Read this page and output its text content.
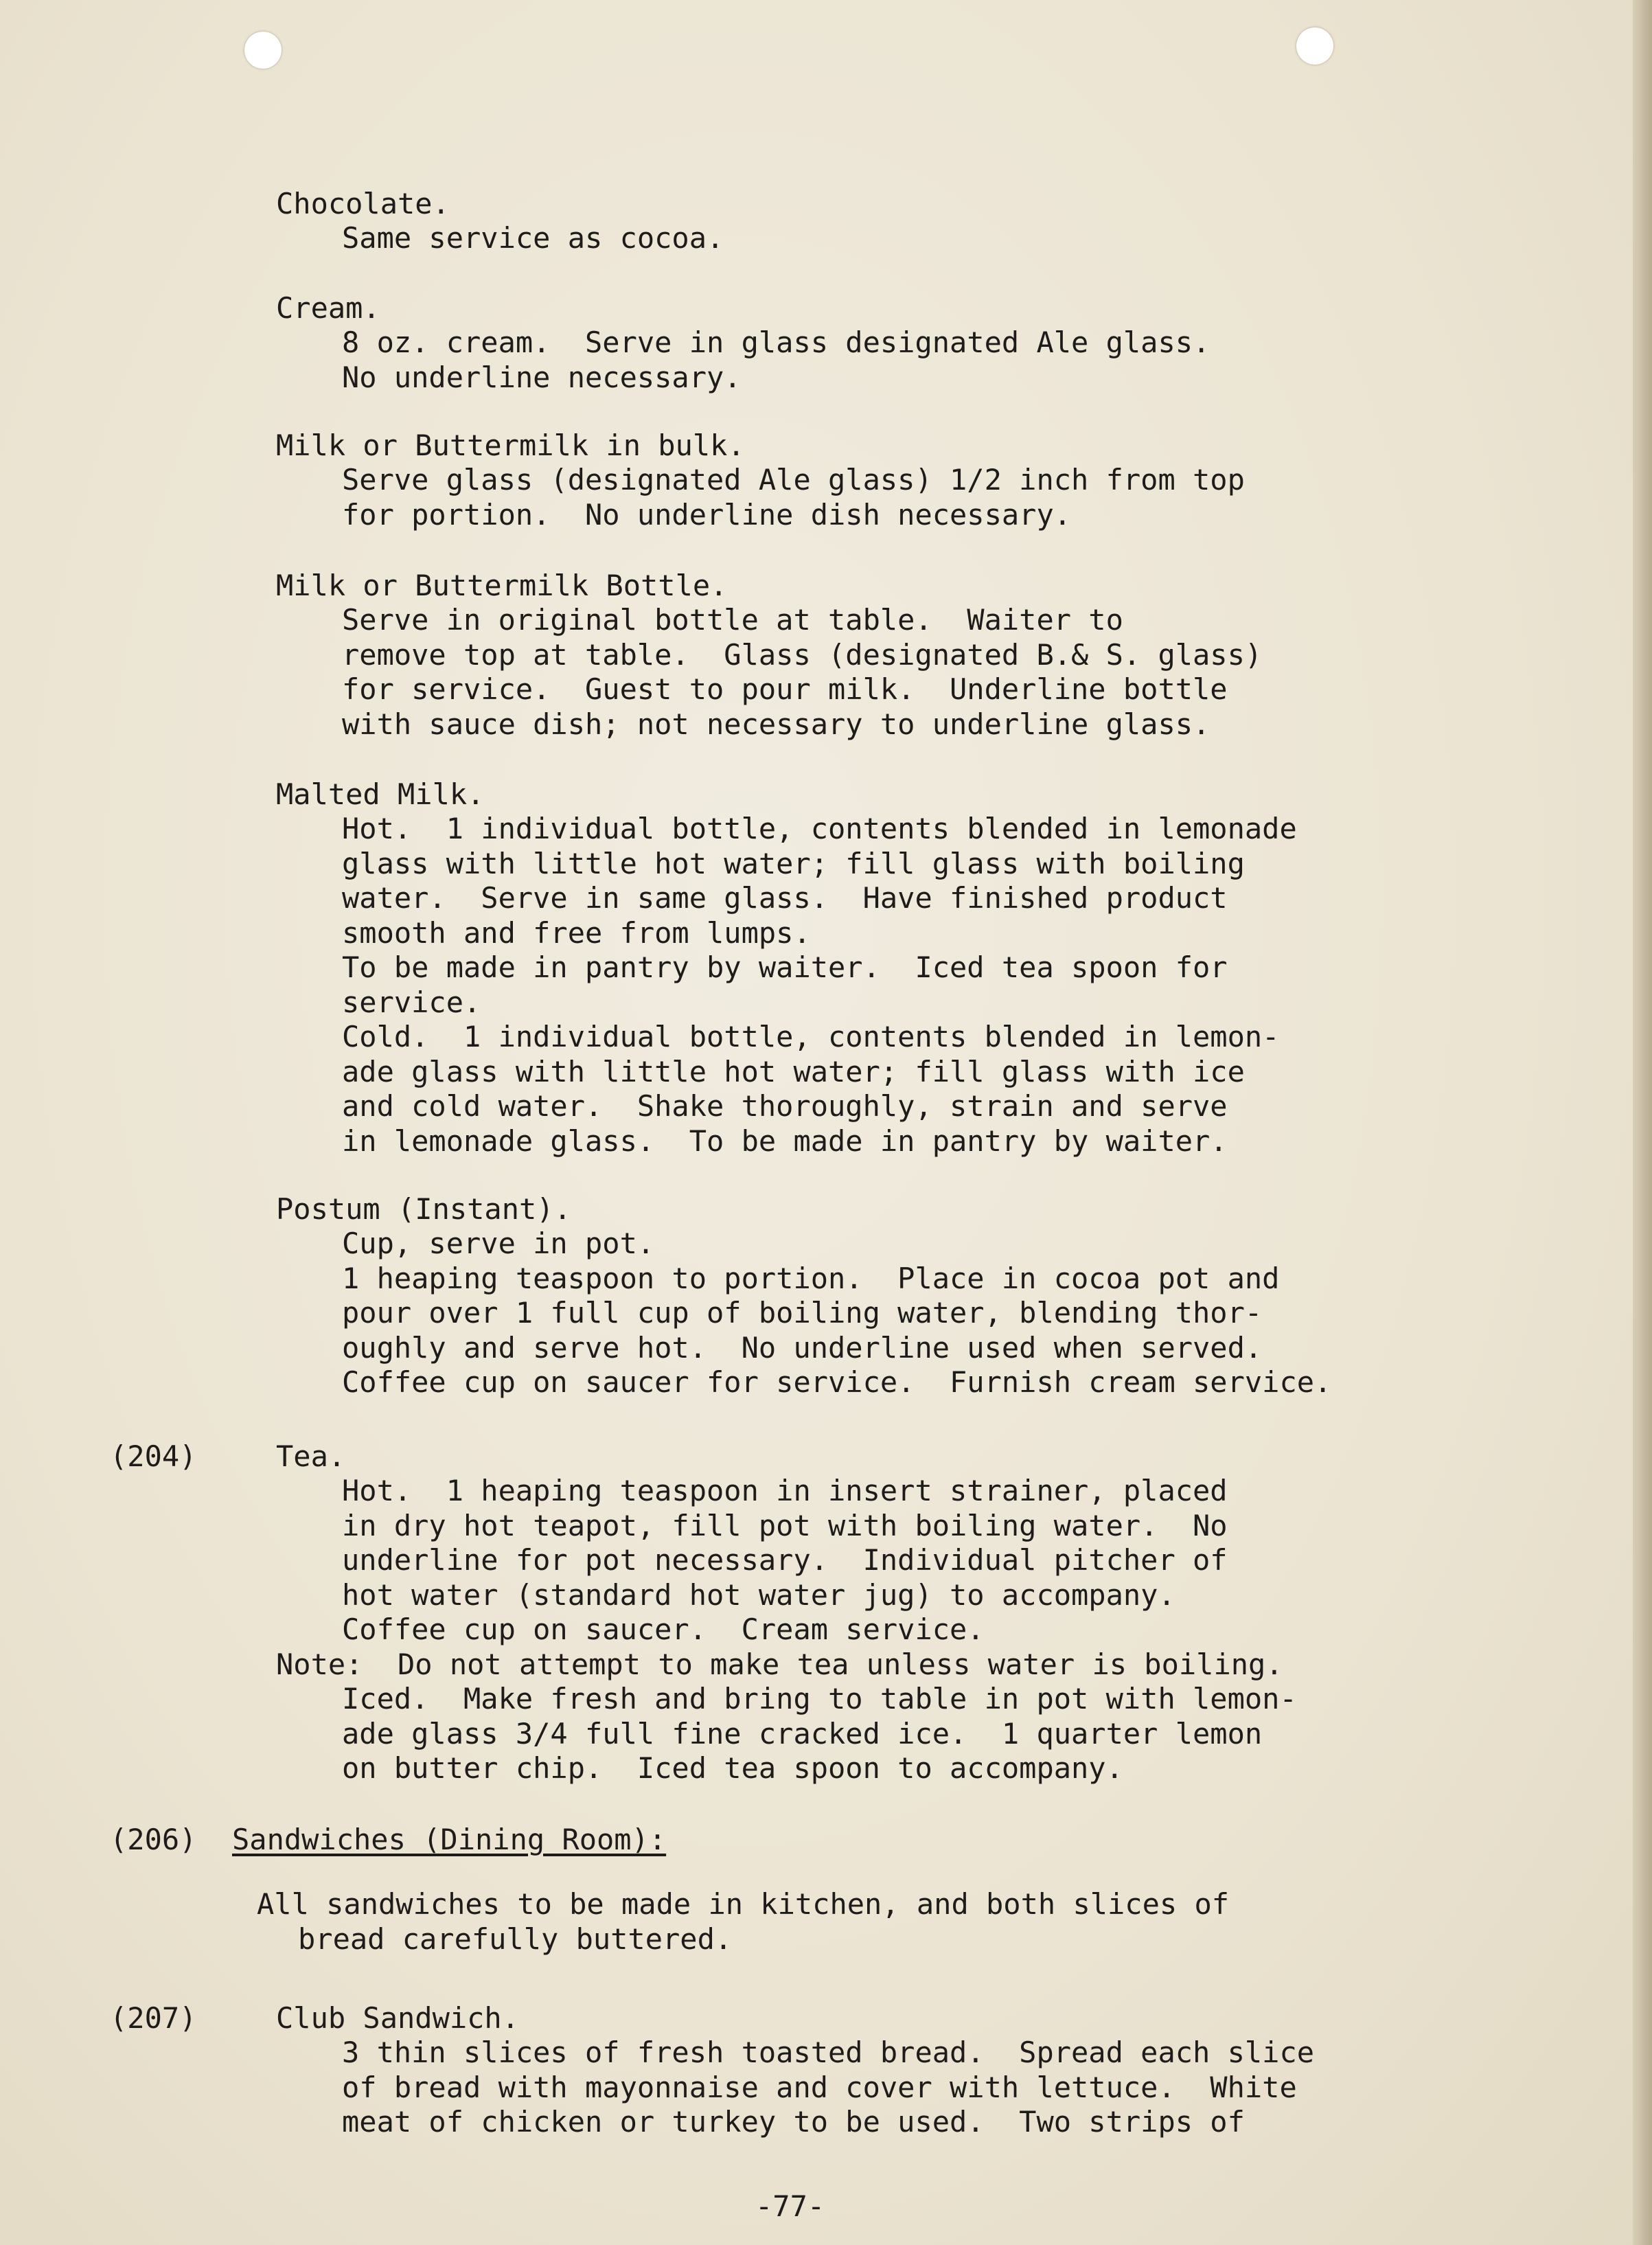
Chocolate.
Same service as cocoa.
Cream.
8 oz. cream.  Serve in glass designated Ale glass.
No underline necessary.
Milk or Buttermilk in bulk.
Serve glass (designated Ale glass) 1/2 inch from top
for portion.  No underline dish necessary.
Milk or Buttermilk Bottle.
Serve in original bottle at table.  Waiter to
remove top at table.  Glass (designated B.& S. glass)
for service.  Guest to pour milk.  Underline bottle
with sauce dish; not necessary to underline glass.
Malted Milk.
Hot.  1 individual bottle, contents blended in lemonade
glass with little hot water; fill glass with boiling
water.  Serve in same glass.  Have finished product
smooth and free from lumps.
To be made in pantry by waiter.  Iced tea spoon for
service.
Cold.  1 individual bottle, contents blended in lemon-
ade glass with little hot water; fill glass with ice
and cold water.  Shake thoroughly, strain and serve
in lemonade glass.  To be made in pantry by waiter.
Postum (Instant).
Cup, serve in pot.
1 heaping teaspoon to portion.  Place in cocoa pot and
pour over 1 full cup of boiling water, blending thor-
oughly and serve hot.  No underline used when served.
Coffee cup on saucer for service.  Furnish cream service.
(204)	Tea.
Hot.  1 heaping teaspoon in insert strainer, placed
in dry hot teapot, fill pot with boiling water.  No
underline for pot necessary.  Individual pitcher of
hot water (standard hot water jug) to accompany.
Coffee cup on saucer.  Cream service.
Note:  Do not attempt to make tea unless water is boiling.
Iced.  Make fresh and bring to table in pot with lemon-
ade glass 3/4 full fine cracked ice.  1 quarter lemon
on butter chip.  Iced tea spoon to accompany.
(206) Sandwiches (Dining Room):
All sandwiches to be made in kitchen, and both slices of
bread carefully buttered.
(207)	Club Sandwich.
3 thin slices of fresh toasted bread.  Spread each slice
of bread with mayonnaise and cover with lettuce.  White
meat of chicken or turkey to be used.  Two strips of
-77-
